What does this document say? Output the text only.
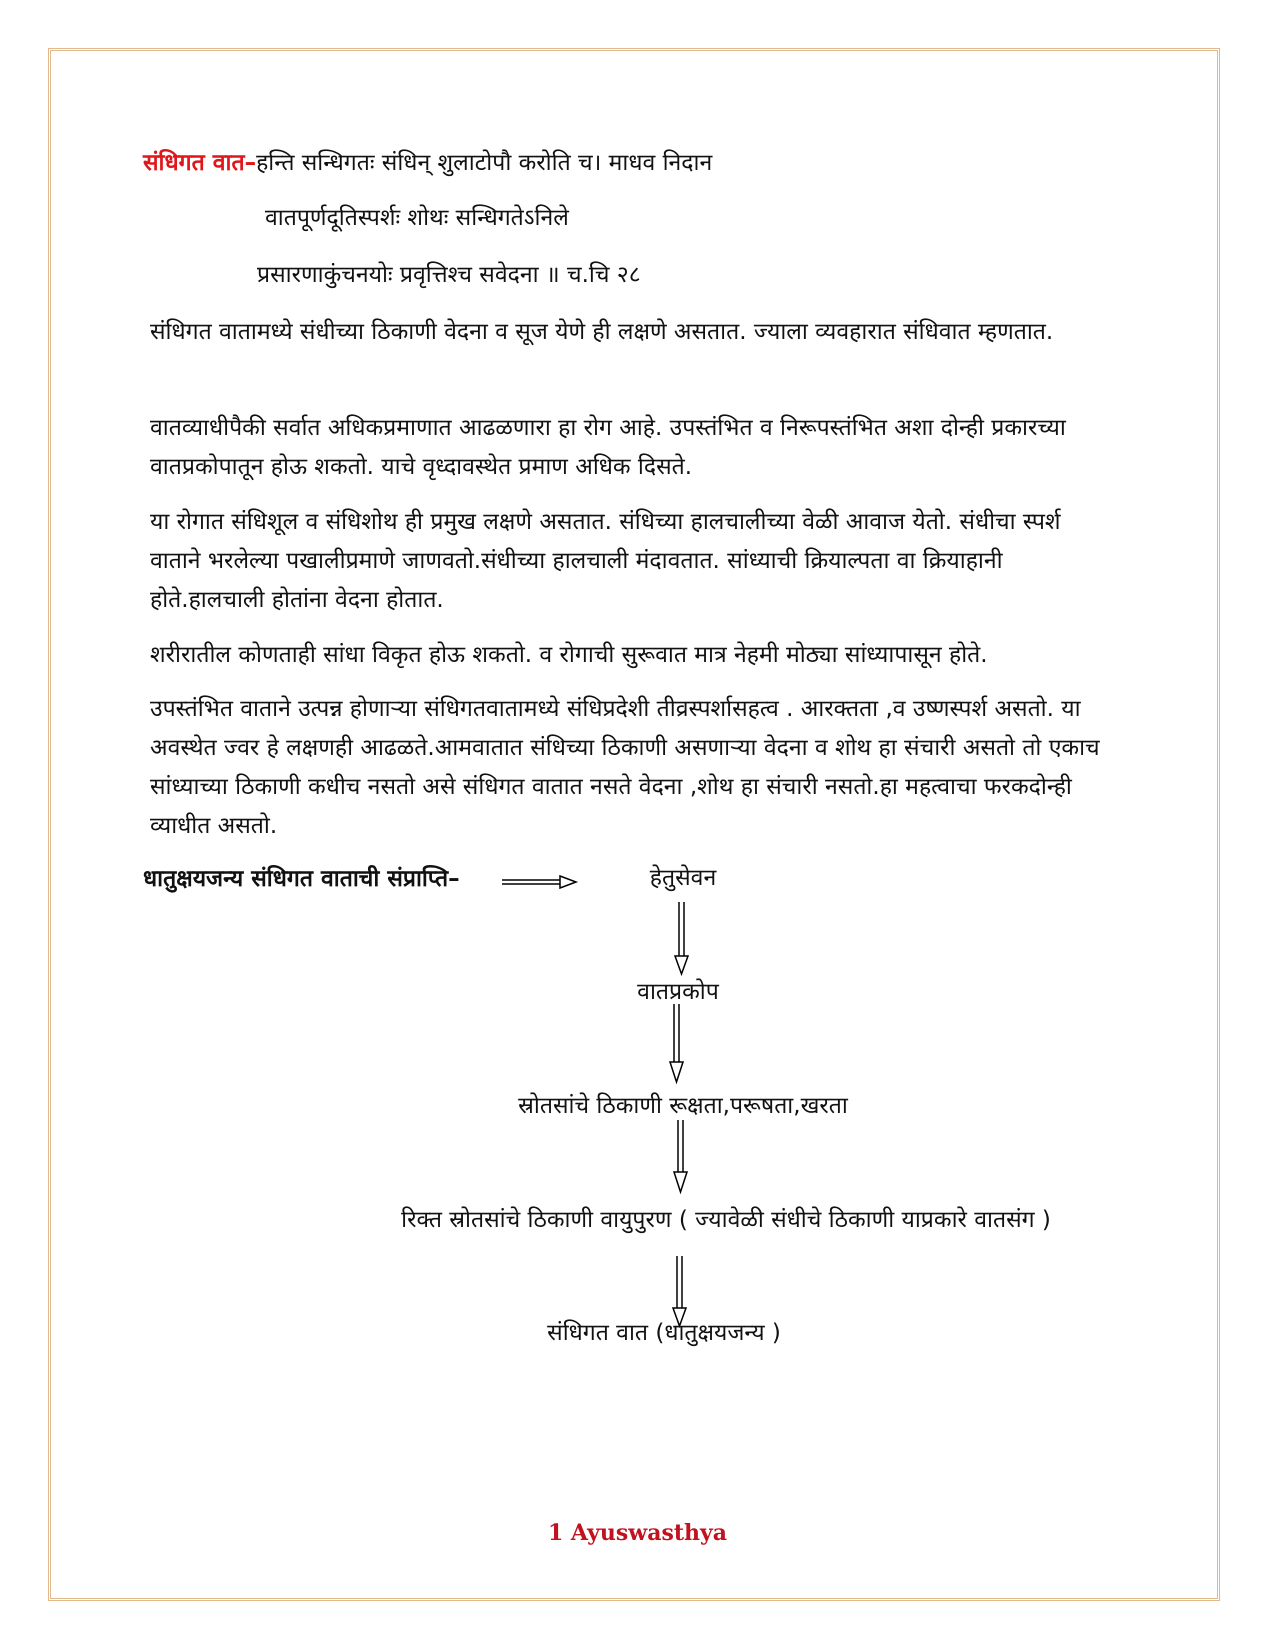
संधिगत वात–हन्ति सन्धिगतः संधिन् शुलाटोपौ करोति च। माधव निदान
वातपूर्णदूतिस्पर्शः शोथः सन्धिगतेऽनिले
प्रसारणाकुंचनयोः प्रवृत्तिश्च सवेदना ॥ च.चि २८
संधिगत वातामध्ये संधीच्या ठिकाणी वेदना व सूज येणे ही लक्षणे असतात. ज्याला व्यवहारात संधिवात म्हणतात.
वातव्याधीपैकी सर्वात अधिकप्रमाणात आढळणारा हा रोग आहे. उपस्तंभित व निरूपस्तंभित अशा दोन्ही प्रकारच्या वातप्रकोपातून होऊ शकतो. याचे वृध्दावस्थेत प्रमाण अधिक दिसते.
या रोगात संधिशूल व संधिशोथ ही प्रमुख लक्षणे असतात. संधिच्या हालचालीच्या वेळी आवाज येतो. संधीचा स्पर्श वाताने भरलेल्या पखालीप्रमाणे जाणवतो.संधीच्या हालचाली मंदावतात. सांध्याची क्रियाल्पता वा क्रियाहानी होते.हालचाली होतांना वेदना होतात.
शरीरातील कोणताही सांधा विकृत होऊ शकतो. व रोगाची सुरूवात मात्र नेहमी मोठ्या सांध्यापासून होते.
उपस्तंभित वाताने उत्पन्न होणाऱ्या संधिगतवातामध्ये संधिप्रदेशी तीव्रस्पर्शासहत्व . आरक्तता ,व उष्णस्पर्श असतो. या अवस्थेत ज्वर हे लक्षणही आढळते.आमवातात संधिच्या ठिकाणी असणाऱ्या वेदना व शोथ हा संचारी असतो तो एकाच सांध्याच्या ठिकाणी कधीच नसतो असे संधिगत वातात नसते वेदना ,शोथ हा संचारी नसतो.हा महत्वाचा फरकदोन्ही व्याधीत असतो.
धातुक्षयजन्य संधिगत वाताची संप्राप्ति–	हेतुसेवन
वातप्रकोप
स्रोतसांचे ठिकाणी रूक्षता,परूषता,खरता
रिक्त स्रोतसांचे ठिकाणी वायुपुरण ( ज्यावेळी संधीचे ठिकाणी याप्रकारे वातसंग )
संधिगत वात (धातुक्षयजन्य )
1 Ayuswasthya
